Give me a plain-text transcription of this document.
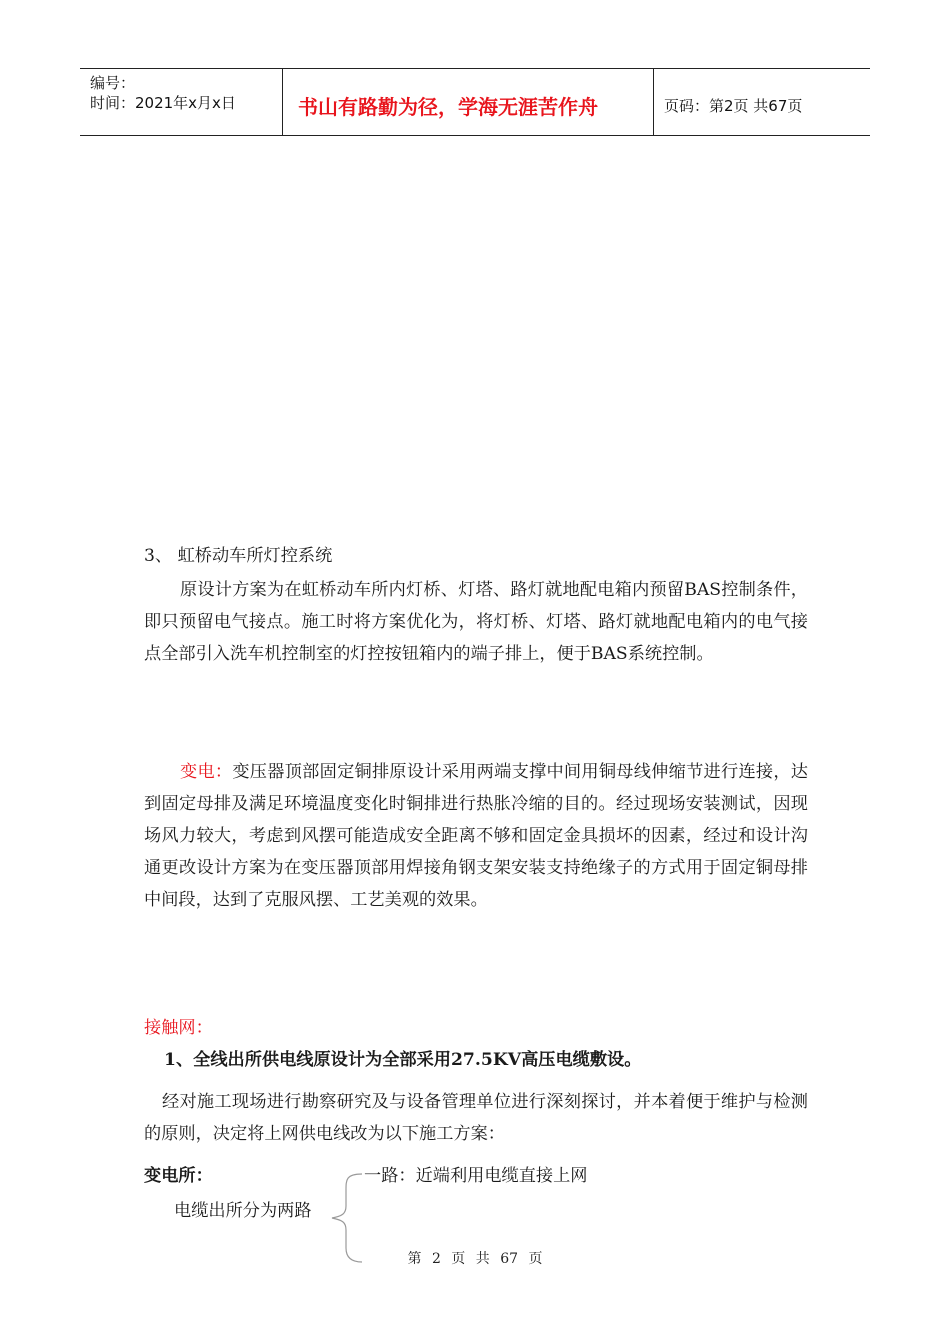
编号：
时间：2021年x月x日	书山有路勤为径，学海无涯苦作舟	页码：第2页 共67页

3、 虹桥动车所灯控系统

原设计方案为在虹桥动车所内灯桥、灯塔、路灯就地配电箱内预留BAS控制条件，即只预留电气接点。施工时将方案优化为，将灯桥、灯塔、路灯就地配电箱内的电气接点全部引入洗车机控制室的灯控按钮箱内的端子排上，便于BAS系统控制。

变电：变压器顶部固定铜排原设计采用两端支撑中间用铜母线伸缩节进行连接，达到固定母排及满足环境温度变化时铜排进行热胀冷缩的目的。经过现场安装测试，因现场风力较大，考虑到风摆可能造成安全距离不够和固定金具损坏的因素，经过和设计沟通更改设计方案为在变压器顶部用焊接角钢支架安装支持绝缘子的方式用于固定铜母排中间段，达到了克服风摆、工艺美观的效果。

接触网：

1、全线出所供电线原设计为全部采用27.5KV高压电缆敷设。

经对施工现场进行勘察研究及与设备管理单位进行深刻探讨，并本着便于维护与检测的原则，决定将上网供电线改为以下施工方案：

变电所：	一路：近端利用电缆直接上网

电缆出所分为两路

第 2 页 共 67 页
